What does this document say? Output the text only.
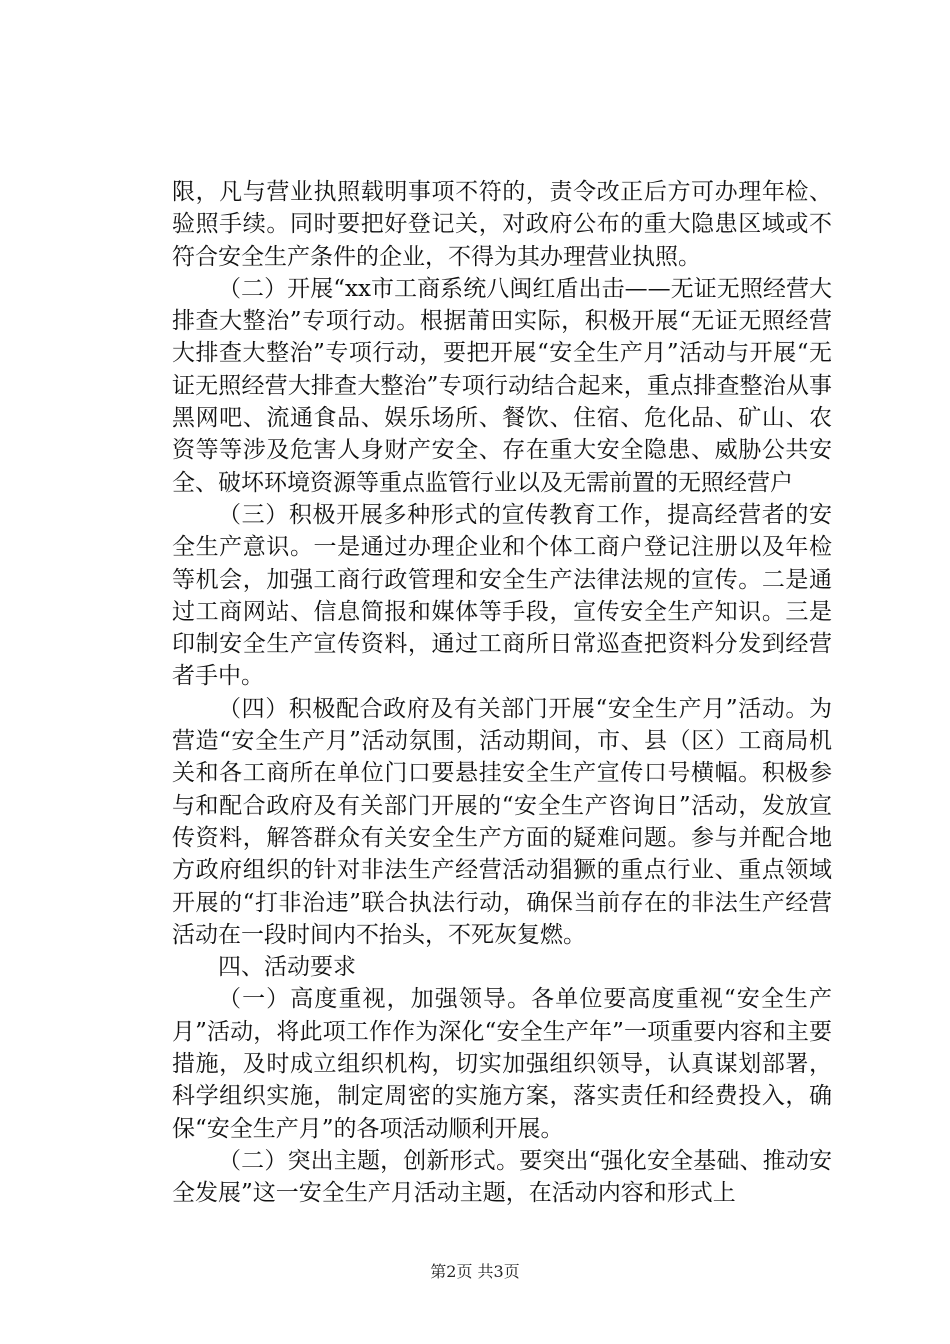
限，凡与营业执照载明事项不符的，责令改正后方可办理年检、验照手续。同时要把好登记关，对政府公布的重大隐患区域或不符合安全生产条件的企业，不得为其办理营业执照。

（二）开展“xx市工商系统八闽红盾出击——无证无照经营大排查大整治”专项行动。根据莆田实际，积极开展“无证无照经营大排查大整治”专项行动，要把开展“安全生产月”活动与开展“无证无照经营大排查大整治”专项行动结合起来，重点排查整治从事黑网吧、流通食品、娱乐场所、餐饮、住宿、危化品、矿山、农资等等涉及危害人身财产安全、存在重大安全隐患、威胁公共安全、破坏环境资源等重点监管行业以及无需前置的无照经营户

（三）积极开展多种形式的宣传教育工作，提高经营者的安全生产意识。一是通过办理企业和个体工商户登记注册以及年检等机会，加强工商行政管理和安全生产法律法规的宣传。二是通过工商网站、信息简报和媒体等手段，宣传安全生产知识。三是印制安全生产宣传资料，通过工商所日常巡查把资料分发到经营者手中。

（四）积极配合政府及有关部门开展“安全生产月”活动。为营造“安全生产月”活动氛围，活动期间，市、县（区）工商局机关和各工商所在单位门口要悬挂安全生产宣传口号横幅。积极参与和配合政府及有关部门开展的“安全生产咨询日”活动，发放宣传资料，解答群众有关安全生产方面的疑难问题。参与并配合地方政府组织的针对非法生产经营活动猖獗的重点行业、重点领域开展的“打非治违”联合执法行动，确保当前存在的非法生产经营活动在一段时间内不抬头，不死灰复燃。

四、活动要求

（一）高度重视，加强领导。各单位要高度重视“安全生产月”活动，将此项工作作为深化“安全生产年”一项重要内容和主要措施，及时成立组织机构，切实加强组织领导，认真谋划部署，科学组织实施，制定周密的实施方案，落实责任和经费投入，确保“安全生产月”的各项活动顺利开展。

（二）突出主题，创新形式。要突出“强化安全基础、推动安全发展”这一安全生产月活动主题，在活动内容和形式上

第2页 共3页
